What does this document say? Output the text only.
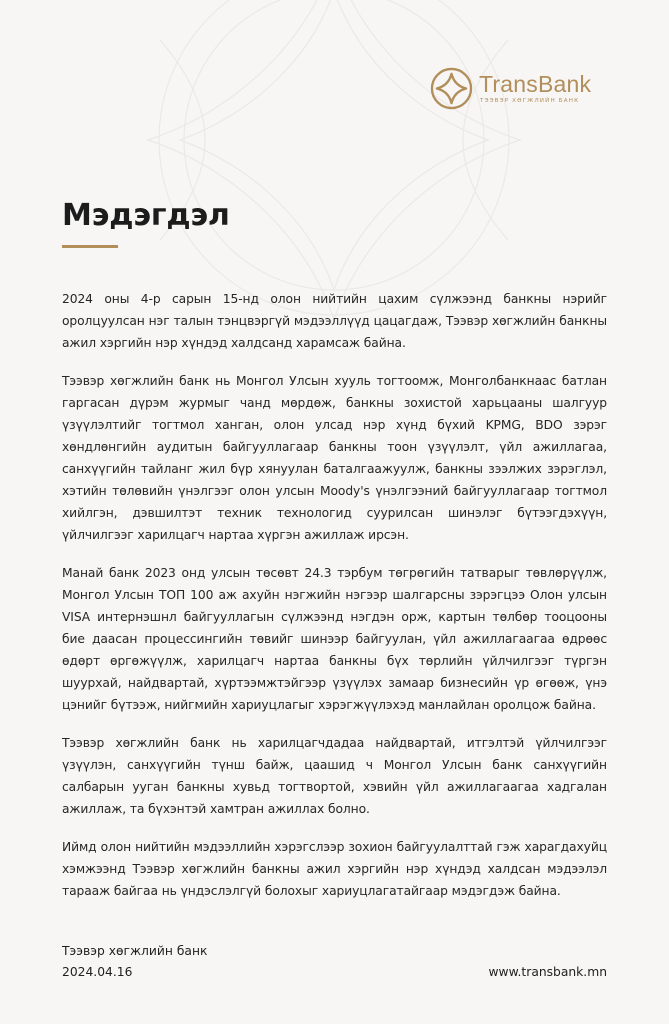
TransBank
ТЭЭВЭР ХӨГЖЛИЙН БАНК
Мэдэгдэл

2024 оны 4-р сарын 15-нд олон нийтийн цахим сүлжээнд банкны нэрийг оролцуулсан нэг талын тэнцвэргүй мэдээллүүд цацагдаж, Тээвэр хөгжлийн банкны ажил хэргийн нэр хүндэд халдсанд харамсаж байна.

Тээвэр хөгжлийн банк нь Монгол Улсын хууль тогтоомж, Монголбанкнаас батлан гаргасан дүрэм журмыг чанд мөрдөж, банкны зохистой харьцааны шалгуур үзүүлэлтийг тогтмол ханган, олон улсад нэр хүнд бүхий KPMG, BDO зэрэг хөндлөнгийн аудитын байгууллагаар банкны тоон үзүүлэлт, үйл ажиллагаа, санхүүгийн тайланг жил бүр хянуулан баталгаажуулж, банкны зээлжих зэрэглэл, хэтийн төлөвийн үнэлгээг олон улсын Moody's үнэлгээний байгууллагаар тогтмол хийлгэн, дэвшилтэт техник технологид суурилсан шинэлэг бүтээгдэхүүн, үйлчилгээг харилцагч нартаа хүргэн ажиллаж ирсэн.

Манай банк 2023 онд улсын төсөвт 24.3 тэрбум төгрөгийн татварыг төвлөрүүлж, Монгол Улсын ТОП 100 аж ахуйн нэгжийн нэгээр шалгарсны зэрэгцээ Олон улсын VISA интернэшнл байгууллагын сүлжээнд нэгдэн орж, картын төлбөр тооцооны бие даасан процессингийн төвийг шинээр байгуулан, үйл ажиллагаагаа өдрөөс өдөрт өргөжүүлж, харилцагч нартаа банкны бүх төрлийн үйлчилгээг түргэн шуурхай, найдвартай, хүртээмжтэйгээр үзүүлэх замаар бизнесийн үр өгөөж, үнэ цэнийг бүтээж, нийгмийн хариуцлагыг хэрэгжүүлэхэд манлайлан оролцож байна.

Тээвэр хөгжлийн банк нь харилцагчдадаа найдвартай, итгэлтэй үйлчилгээг үзүүлэн, санхүүгийн түнш байж, цаашид ч Монгол Улсын банк санхүүгийн салбарын ууган банкны хувьд тогтвортой, хэвийн үйл ажиллагаагаа хадгалан ажиллаж, та бүхэнтэй хамтран ажиллах болно.

Иймд олон нийтийн мэдээллийн хэрэгслээр зохион байгуулалттай гэж харагдахуйц хэмжээнд Тээвэр хөгжлийн банкны ажил хэргийн нэр хүндэд халдсан мэдээлэл тарааж байгаа нь үндэслэлгүй болохыг хариуцлагатайгаар мэдэгдэж байна.

Тээвэр хөгжлийн банк
2024.04.16	www.transbank.mn
